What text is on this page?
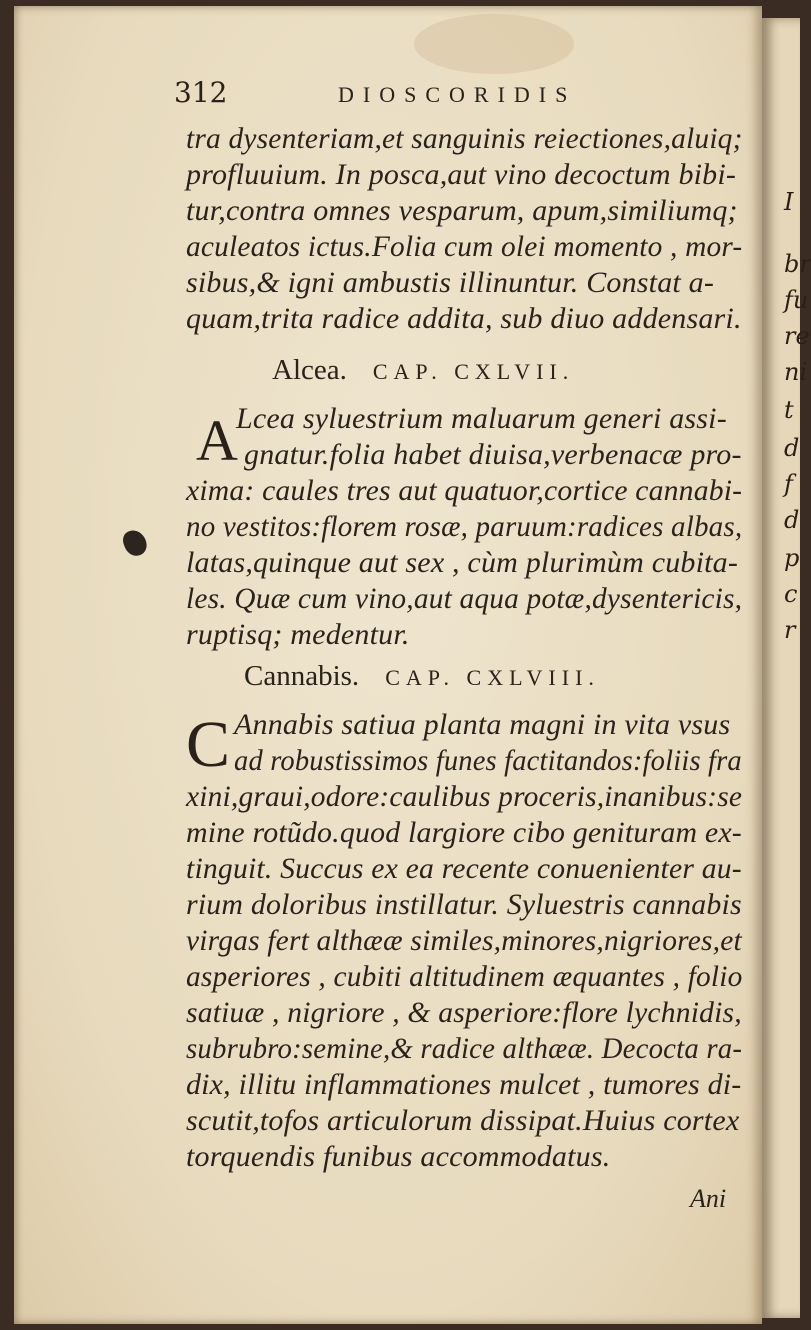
I
br
fu
re
ni
t
d
f
d
p
c
r
312	DIOSCORIDIS
tra dysenteriam,et sanguinis reiectiones,aluiq;
profluuium. In posca,aut vino decoctum bibi-
tur,contra omnes vesparum, apum,similiumq;
aculeatos ictus.Folia cum olei momento , mor-
sibus,& igni ambustis illinuntur. Constat a-
quam,trita radice addita, sub diuo addensari.
Alcea. CAP. CXLVII.
A
Lcea syluestrium maluarum generi assi-
gnatur.folia habet diuisa,verbenacæ pro-
xima: caules tres aut quatuor,cortice cannabi-
no vestitos:florem rosæ, paruum:radices albas,
latas,quinque aut sex , cùm plurimùm cubita-
les. Quæ cum vino,aut aqua potæ,dysentericis,
ruptisq; medentur.
Cannabis. CAP. CXLVIII.
C Annabis satiua planta magni in vita vsus
ad robustissimos funes factitandos:foliis fra
xini,graui,odore:caulibus proceris,inanibus:se
mine rotũdo.quod largiore cibo genituram ex-
tinguit. Succus ex ea recente conuenienter au-
rium doloribus instillatur. Syluestris cannabis
virgas fert althææ similes,minores,nigriores,et
asperiores , cubiti altitudinem æquantes , folio
satiuæ , nigriore , & asperiore:flore lychnidis,
subrubro:semine,& radice althææ. Decocta ra-
dix, illitu inflammationes mulcet , tumores di-
scutit,tofos articulorum dissipat.Huius cortex
torquendis funibus accommodatus.
Ani
